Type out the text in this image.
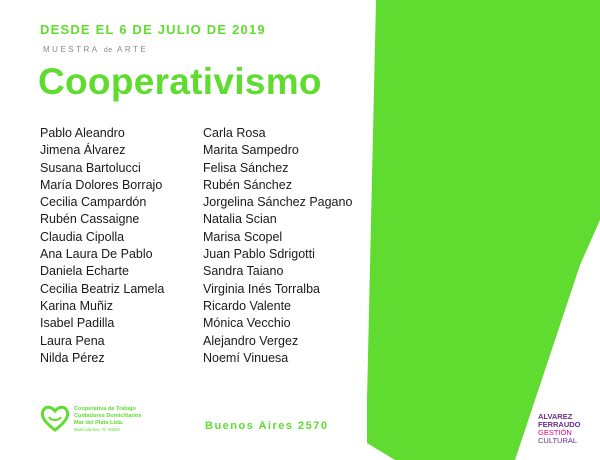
DESDE EL 6 DE JULIO DE 2019
MUESTRA de ARTE
Cooperativismo
Pablo Aleandro
Jimena Álvarez
Susana Bartolucci
María Dolores Borrajo
Cecilia Campardón
Rubén Cassaigne
Claudia Cipolla
Ana Laura De Pablo
Daniela Echarte
Cecilia Beatriz Lamela
Karina Muñiz
Isabel Padilla
Laura Pena
Nilda Pérez
Carla Rosa
Marita Sampedro
Felisa Sánchez
Rubén Sánchez
Jorgelina Sánchez Pagano
Natalia Scian
Marisa Scopel
Juan Pablo Sdrigotti
Sandra Taiano
Virginia Inés Torralba
Ricardo Valente
Mónica Vecchio
Alejandro Vergez
Noemí Vinuesa
Cooperativa de Trabajo
Cuidadores Domiciliarios
Mar del Plata Ltda.
Matrícula Nac. N° 40628	Buenos Aires 2570
ALVAREZ
FERRAUDO
GESTIÓN
CULTURAL
